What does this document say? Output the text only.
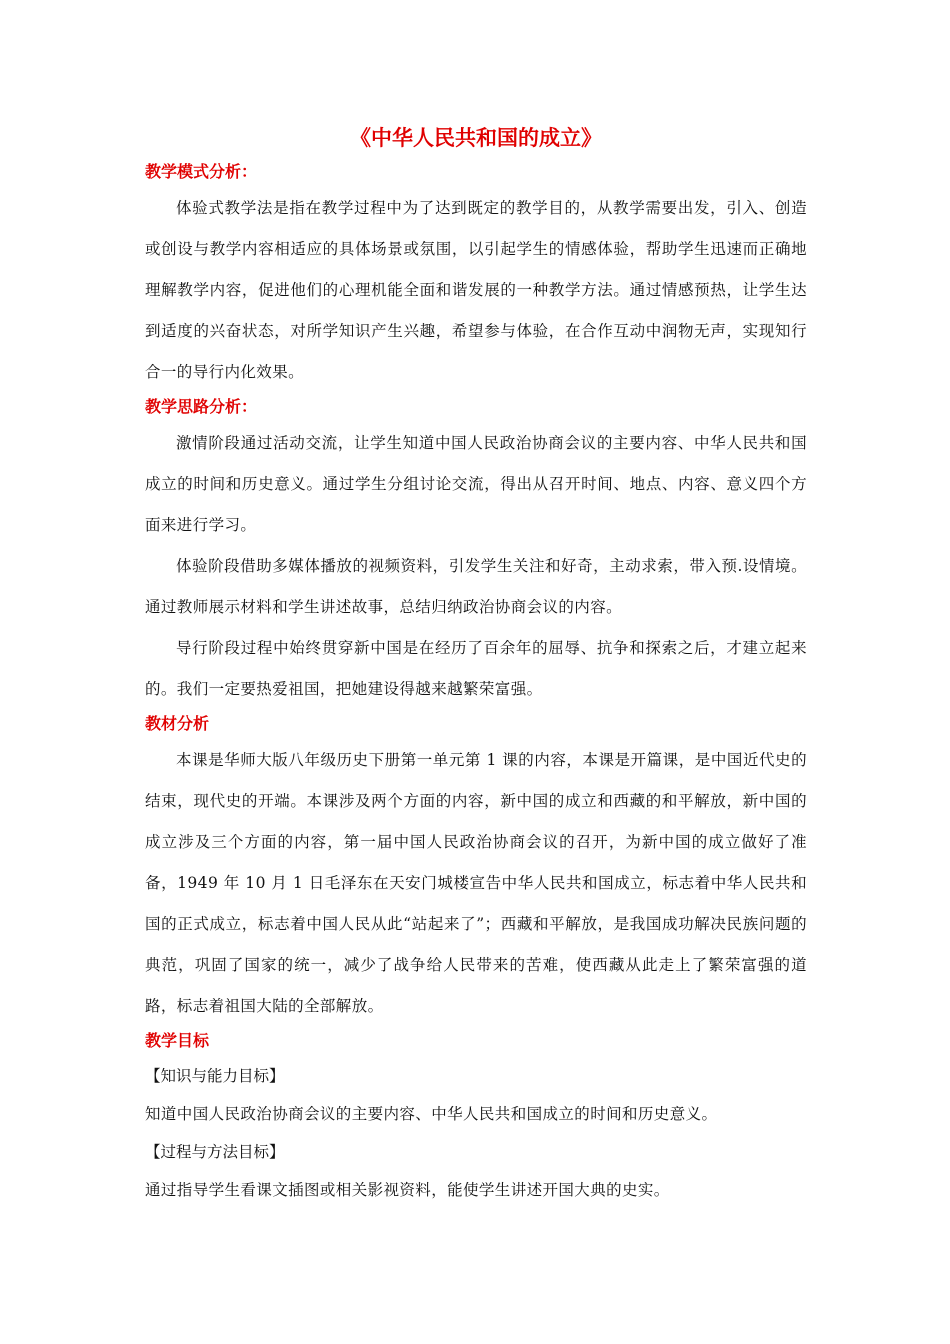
《中华人民共和国的成立》
教学模式分析：

体验式教学法是指在教学过程中为了达到既定的教学目的，从教学需要出发，引入、创造或创设与教学内容相适应的具体场景或氛围，以引起学生的情感体验，帮助学生迅速而正确地理解教学内容，促进他们的心理机能全面和谐发展的一种教学方法。通过情感预热，让学生达到适度的兴奋状态，对所学知识产生兴趣，希望参与体验，在合作互动中润物无声，实现知行合一的导行内化效果。

教学思路分析：

激情阶段通过活动交流，让学生知道中国人民政治协商会议的主要内容、中华人民共和国成立的时间和历史意义。通过学生分组讨论交流，得出从召开时间、地点、内容、意义四个方面来进行学习。

体验阶段借助多媒体播放的视频资料，引发学生关注和好奇，主动求索，带入预.设情境。通过教师展示材料和学生讲述故事，总结归纳政治协商会议的内容。

导行阶段过程中始终贯穿新中国是在经历了百余年的屈辱、抗争和探索之后，才建立起来的。我们一定要热爱祖国，把她建设得越来越繁荣富强。

教材分析

本课是华师大版八年级历史下册第一单元第 1 课的内容，本课是开篇课，是中国近代史的结束，现代史的开端。本课涉及两个方面的内容，新中国的成立和西藏的和平解放，新中国的成立涉及三个方面的内容，第一届中国人民政治协商会议的召开，为新中国的成立做好了准备，1949 年 10 月 1 日毛泽东在天安门城楼宣告中华人民共和国成立，标志着中华人民共和国的正式成立，标志着中国人民从此“站起来了”；西藏和平解放，是我国成功解决民族问题的典范，巩固了国家的统一，减少了战争给人民带来的苦难，使西藏从此走上了繁荣富强的道路，标志着祖国大陆的全部解放。

教学目标
【知识与能力目标】
知道中国人民政治协商会议的主要内容、中华人民共和国成立的时间和历史意义。
【过程与方法目标】
通过指导学生看课文插图或相关影视资料，能使学生讲述开国大典的史实。
